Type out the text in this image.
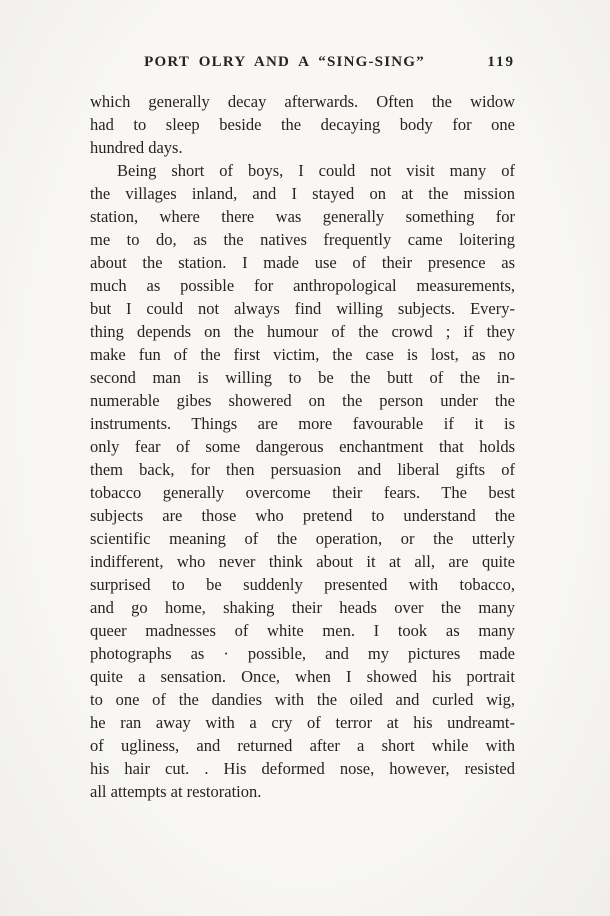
PORT OLRY AND A “SING-SING”	119
which generally decay afterwards. Often the widow
had to sleep beside the decaying body for one
hundred days.
Being short of boys, I could not visit many of
the villages inland, and I stayed on at the mission
station, where there was generally something for
me to do, as the natives frequently came loitering
about the station. I made use of their presence as
much as possible for anthropological measurements,
but I could not always find willing subjects. Every-
thing depends on the humour of the crowd ; if they
make fun of the first victim, the case is lost, as no
second man is willing to be the butt of the in-
numerable gibes showered on the person under the
instruments. Things are more favourable if it is
only fear of some dangerous enchantment that holds
them back, for then persuasion and liberal gifts of
tobacco generally overcome their fears. The best
subjects are those who pretend to understand the
scientific meaning of the operation, or the utterly
indifferent, who never think about it at all, are quite
surprised to be suddenly presented with tobacco,
and go home, shaking their heads over the many
queer madnesses of white men. I took as many
photographs as · possible, and my pictures made
quite a sensation. Once, when I showed his portrait
to one of the dandies with the oiled and curled wig,
he ran away with a cry of terror at his undreamt-
of ugliness, and returned after a short while with
his hair cut. . His deformed nose, however, resisted
all attempts at restoration.
